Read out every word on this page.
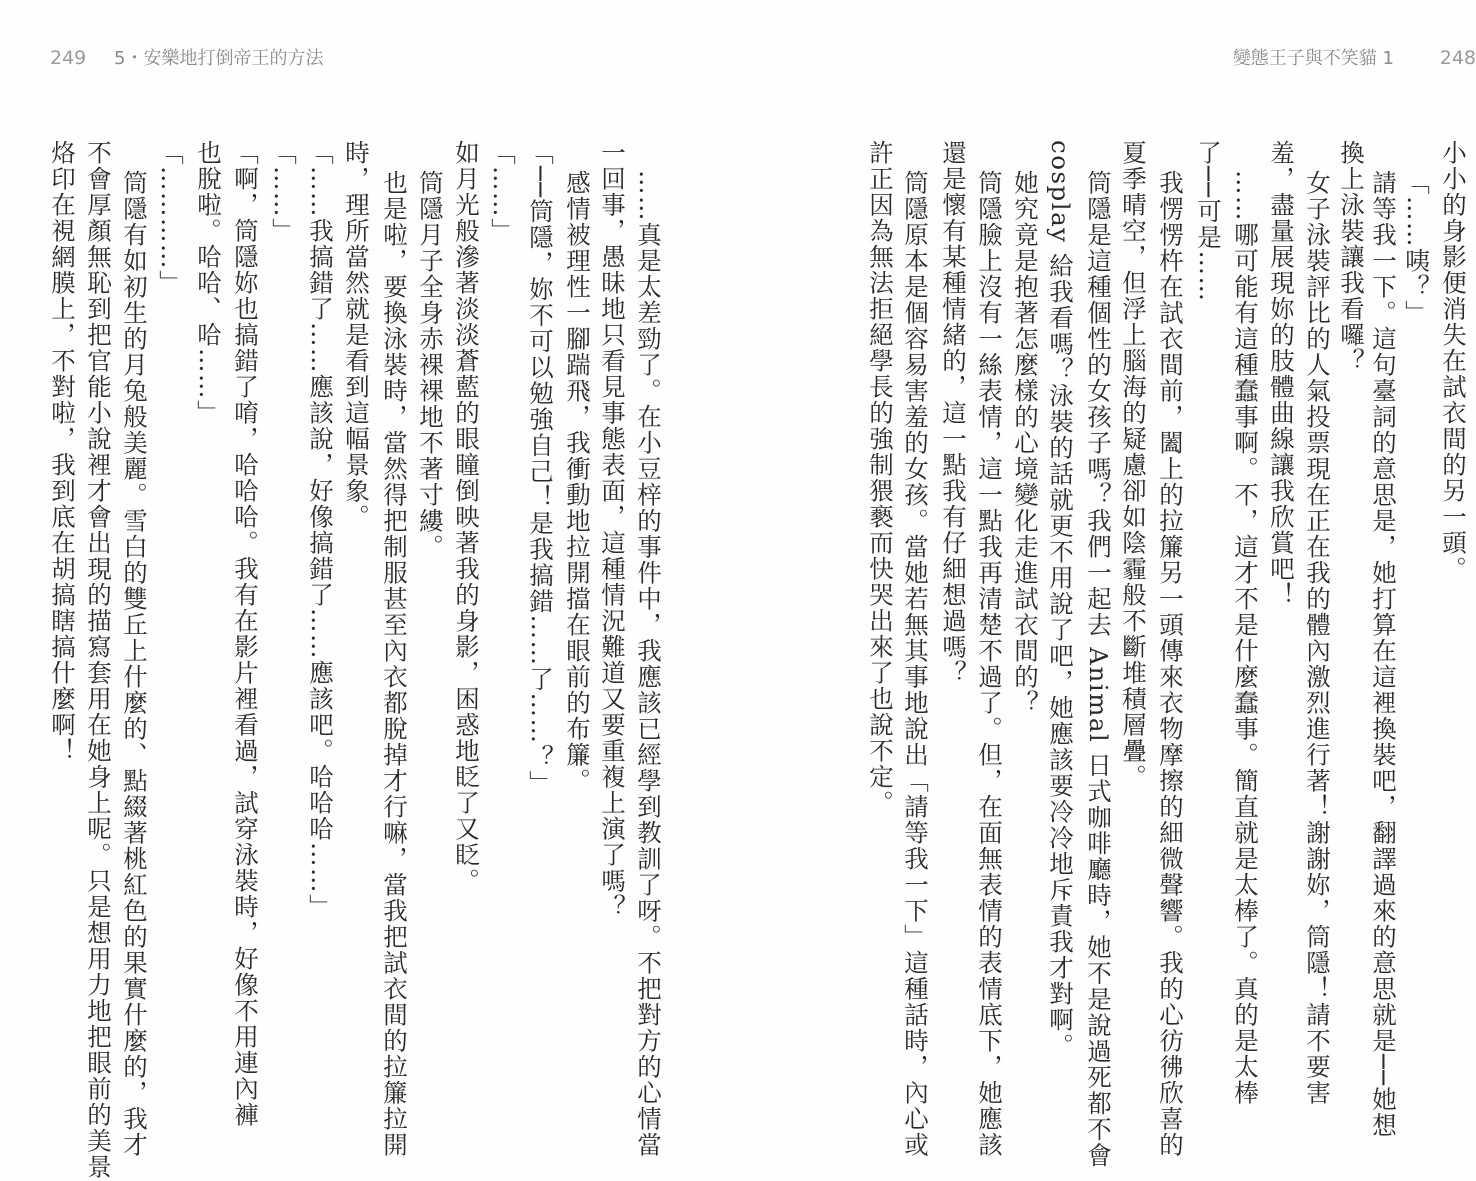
249 5・安樂地打倒帝王的方法	變態王子與不笑貓 1 248
小小的身影便消失在試衣間的另一頭。
「……咦？」
請等我一下。這句臺詞的意思是，她打算在這裡換裝吧，翻譯過來的意思就是──她想
換上泳裝讓我看囉？
女子泳裝評比的人氣投票現在正在我的體內激烈進行著！謝謝妳，筒隱！請不要害
羞，盡量展現妳的肢體曲線讓我欣賞吧！
……哪可能有這種蠢事啊。不，這才不是什麼蠢事。簡直就是太棒了。真的是太棒
了──可是……
我愣愣杵在試衣間前，闔上的拉簾另一頭傳來衣物摩擦的細微聲響。我的心彷彿欣喜的
夏季晴空，但浮上腦海的疑慮卻如陰霾般不斷堆積層疊。
筒隱是這種個性的女孩子嗎？我們一起去 Animal 日式咖啡廳時，她不是說過死都不會
cosplay 給我看嗎？泳裝的話就更不用說了吧，她應該要冷冷地斥責我才對啊。
她究竟是抱著怎麼樣的心境變化走進試衣間的？
筒隱臉上沒有一絲表情，這一點我再清楚不過了。但，在面無表情的表情底下，她應該
還是懷有某種情緒的，這一點我有仔細想過嗎？
筒隱原本是個容易害羞的女孩。當她若無其事地說出「請等我一下」這種話時，內心或
許正因為無法拒絕學長的強制猥褻而快哭出來了也說不定。
……真是太差勁了。在小豆梓的事件中，我應該已經學到教訓了呀。不把對方的心情當
一回事，愚昧地只看見事態表面，這種情況難道又要重複上演了嗎？
感情被理性一腳踹飛，我衝動地拉開擋在眼前的布簾。
「──筒隱，妳不可以勉強自己！是我搞錯……了……？」
「……」
如月光般滲著淡淡蒼藍的眼瞳倒映著我的身影，困惑地眨了又眨。
筒隱月子全身赤裸裸地不著寸縷。
也是啦，要換泳裝時，當然得把制服甚至內衣都脫掉才行嘛，當我把試衣間的拉簾拉開
時，理所當然就是看到這幅景象。
「……我搞錯了……應該說，好像搞錯了……應該吧。哈哈哈……」
「……」
「啊，筒隱妳也搞錯了唷，哈哈哈。我有在影片裡看過，試穿泳裝時，好像不用連內褲
也脫啦。哈哈、哈……」
「…………」
筒隱有如初生的月兔般美麗。雪白的雙丘上什麼的、點綴著桃紅色的果實什麼的，我才
不會厚顏無恥到把官能小說裡才會出現的描寫套用在她身上呢。只是想用力地把眼前的美景
烙印在視網膜上，不對啦，我到底在胡搞瞎搞什麼啊！
